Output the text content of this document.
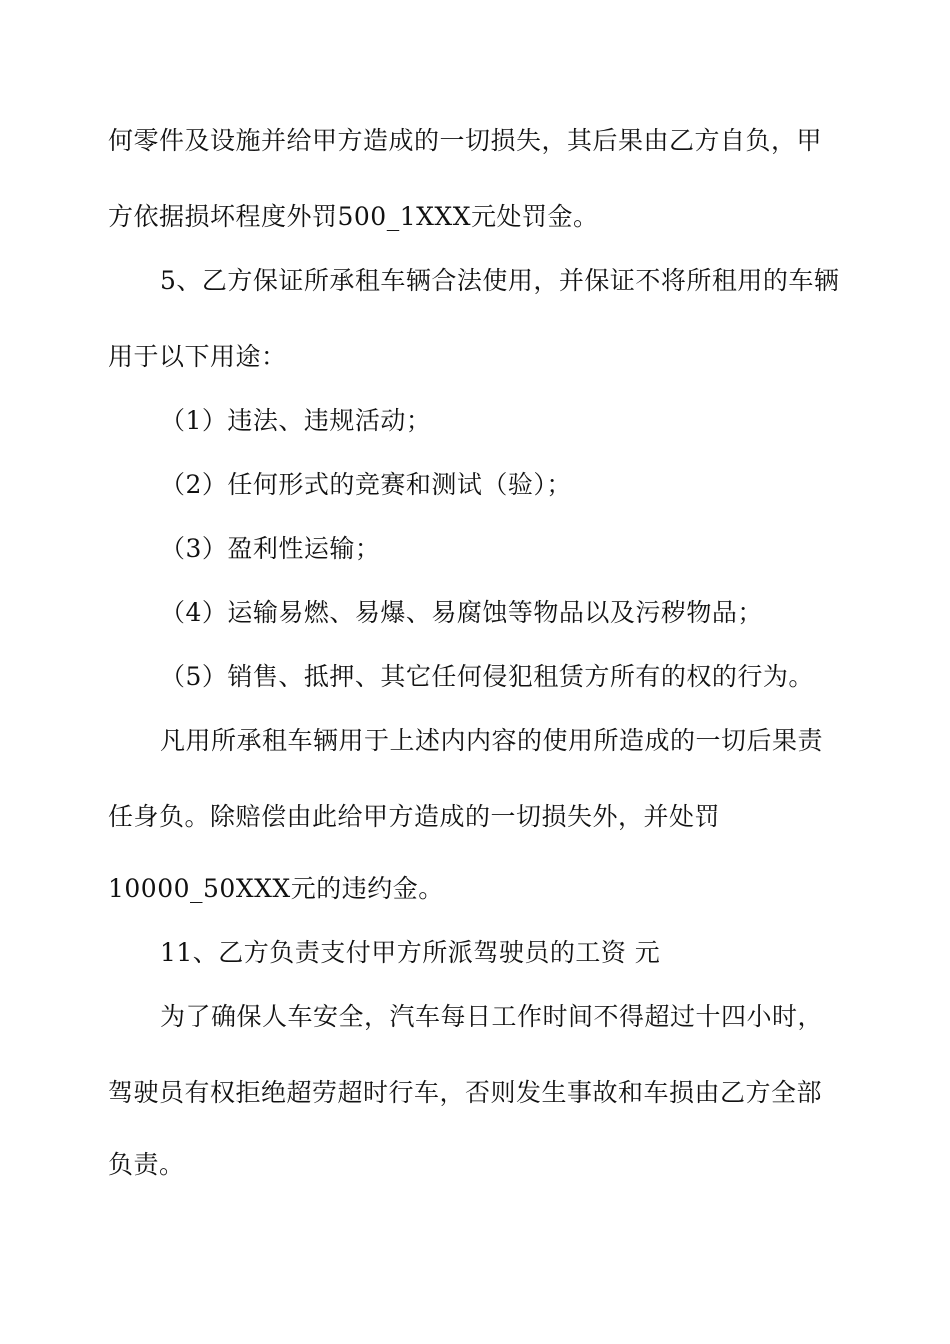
何零件及设施并给甲方造成的一切损失，其后果由乙方自负，甲
方依据损坏程度外罚500_1XXX元处罚金。
5、乙方保证所承租车辆合法使用，并保证不将所租用的车辆
用于以下用途：
（1）违法、违规活动；
（2）任何形式的竞赛和测试（验）；
（3）盈利性运输；
（4）运输易燃、易爆、易腐蚀等物品以及污秽物品；
（5）销售、抵押、其它任何侵犯租赁方所有的权的行为。
凡用所承租车辆用于上述内内容的使用所造成的一切后果责
任身负。除赔偿由此给甲方造成的一切损失外，并处罚
10000_50XXX元的违约金。
11、乙方负责支付甲方所派驾驶员的工资 元
为了确保人车安全，汽车每日工作时间不得超过十四小时，
驾驶员有权拒绝超劳超时行车，否则发生事故和车损由乙方全部
负责。
